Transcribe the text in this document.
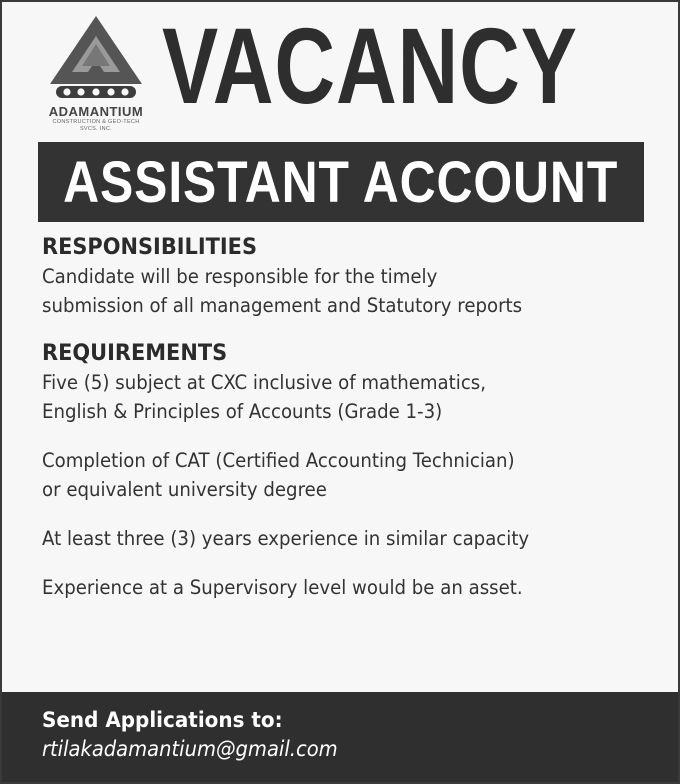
ADAMANTIUM
CONSTRUCTION & GEO-TECH
SVCS. INC.
VACANCY
ASSISTANT ACCOUNT
RESPONSIBILITIES
Candidate will be responsible for the timely
submission of all management and Statutory reports
REQUIREMENTS
Five (5) subject at CXC inclusive of mathematics,
English & Principles of Accounts (Grade 1-3)
Completion of CAT (Certified Accounting Technician)
or equivalent university degree
At least three (3) years experience in similar capacity
Experience at a Supervisory level would be an asset.
Send Applications to:
rtilakadamantium@gmail.com
